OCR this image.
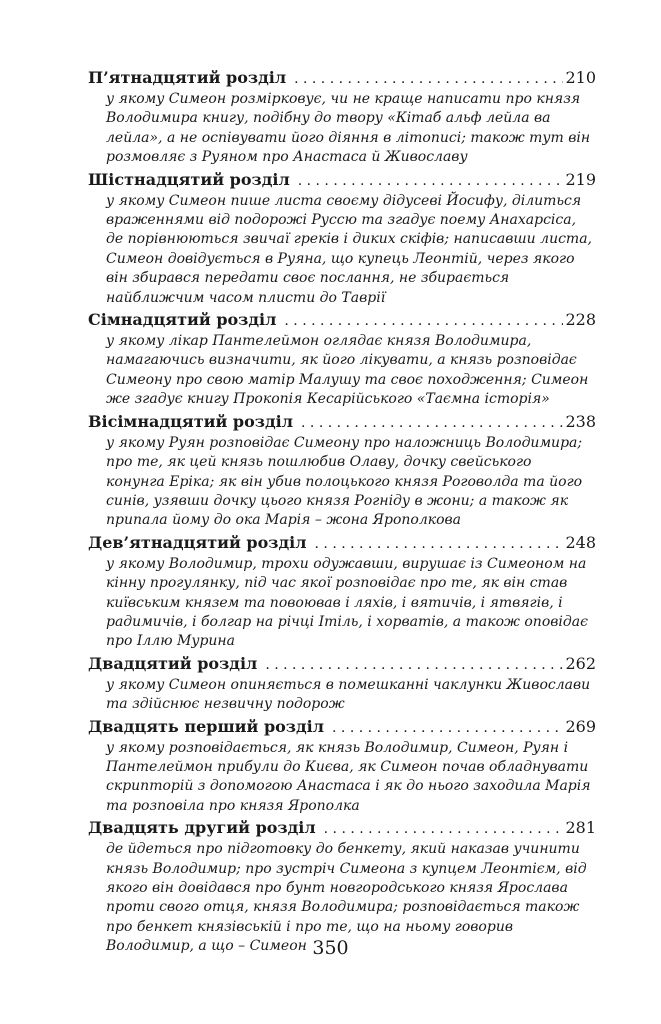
П’ятнадцятий розділ . . .	210

у якому Симеон розмірковує, чи не краще написати про князя Володимира книгу, подібну до твору «Кітаб альф лейла ва лейла», а не оспівувати його діяння в літописі; також тут він розмовляє з Руяном про Анастаса й Живославу

Шістнадцятий розділ . . .	219

у якому Симеон пише листа своєму дідусеві Йосифу, ділиться враженнями від подорожі Руссю та згадує поему Анахарсіса, де порівнюються звичаї греків і диких скіфів; написавши листа, Симеон довідується в Руяна, що купець Леонтій, через якого він збирався передати своє послання, не збирається найближчим часом плисти до Таврії

Сімнадцятий розділ . . .	228

у якому лікар Пантелеймон оглядає князя Володимира, намагаючись визначити, як його лікувати, а князь розповідає Симеону про свою матір Малушу та своє походження; Симеон же згадує книгу Прокопія Кесарійського «Таємна історія»

Вісімнадцятий розділ . . .	238

у якому Руян розповідає Симеону про наложниць Володимира; про те, як цей князь пошлюбив Олаву, дочку свейського конунга Еріка; як він убив полоцького князя Роговолда та його синів, узявши дочку цього князя Рогніду в жони; а також як припала йому до ока Марія – жона Ярополкова

Дев’ятнадцятий розділ . . .	248

у якому Володимир, трохи одужавши, вирушає із Симеоном на кінну прогулянку, під час якої розповідає про те, як він став київським князем та повоював і ляхів, і вятичів, і ятвягів, і радимичів, і болгар на річці Ітіль, і хорватів, а також оповідає про Іллю Мурина

Двадцятий розділ . . .	262

у якому Симеон опиняється в помешканні чаклунки Живослави та здійснює незвичну подорож

Двадцять перший розділ . . .	269

у якому розповідається, як князь Володимир, Симеон, Руян і Пантелеймон прибули до Києва, як Симеон почав обладнувати скрипторій з допомогою Анастаса і як до нього заходила Марія та розповіла про князя Ярополка

Двадцять другий розділ . . .	281

де йдеться про підготовку до бенкету, який наказав учинити князь Володимир; про зустріч Симеона з купцем Леонтієм, від якого він довідався про бунт новгородського князя Ярослава проти свого отця, князя Володимира; розповідається також про бенкет князівській і про те, що на ньому говорив Володимир, а що – Симеон 350
